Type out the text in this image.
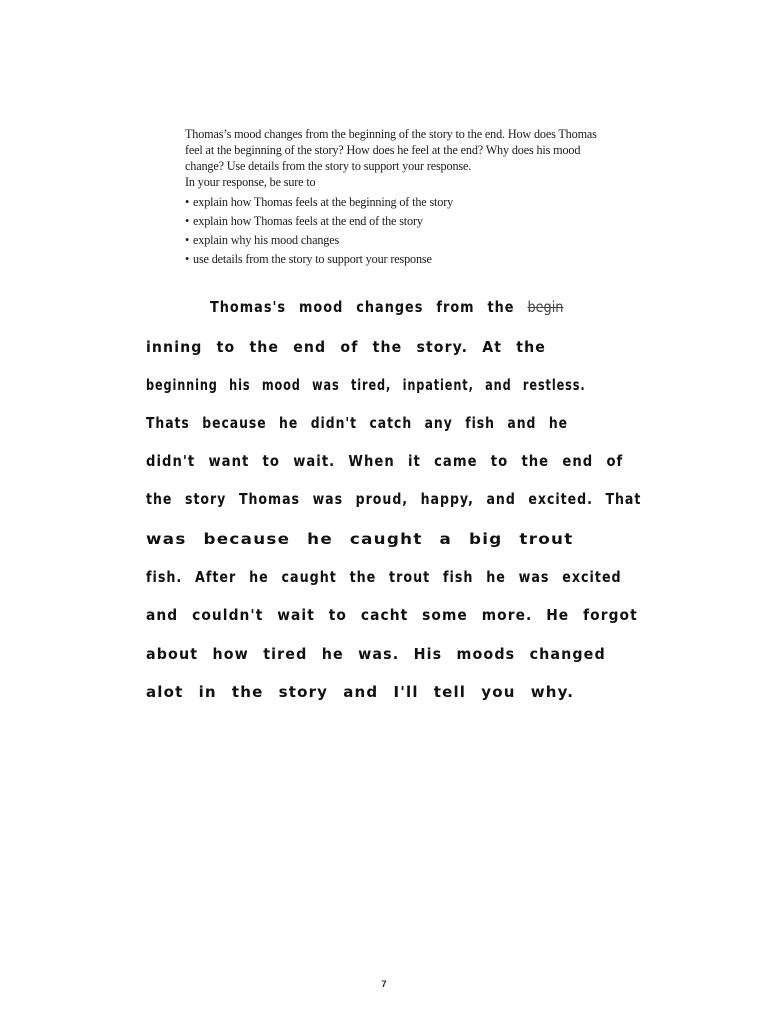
Thomas’s mood changes from the beginning of the story to the end. How does Thomas feel at the beginning of the story? How does he feel at the end? Why does his mood change? Use details from the story to support your response.

In your response, be sure to

• explain how Thomas feels at the beginning of the story
• explain how Thomas feels at the end of the story
• explain why his mood changes
• use details from the story to support your response
Thomas's mood changes from the begin
inning to the end of the story. At the
beginning his mood was tired, inpatient, and restless.
Thats because he didn't catch any fish and he
didn't want to wait. When it came to the end of
the story Thomas was proud, happy, and excited. That
was because he caught a big trout
fish. After he caught the trout fish he was excited
and couldn't wait to cacht some more. He forgot
about how tired he was. His moods changed
alot in the story and I'll tell you why.
7
